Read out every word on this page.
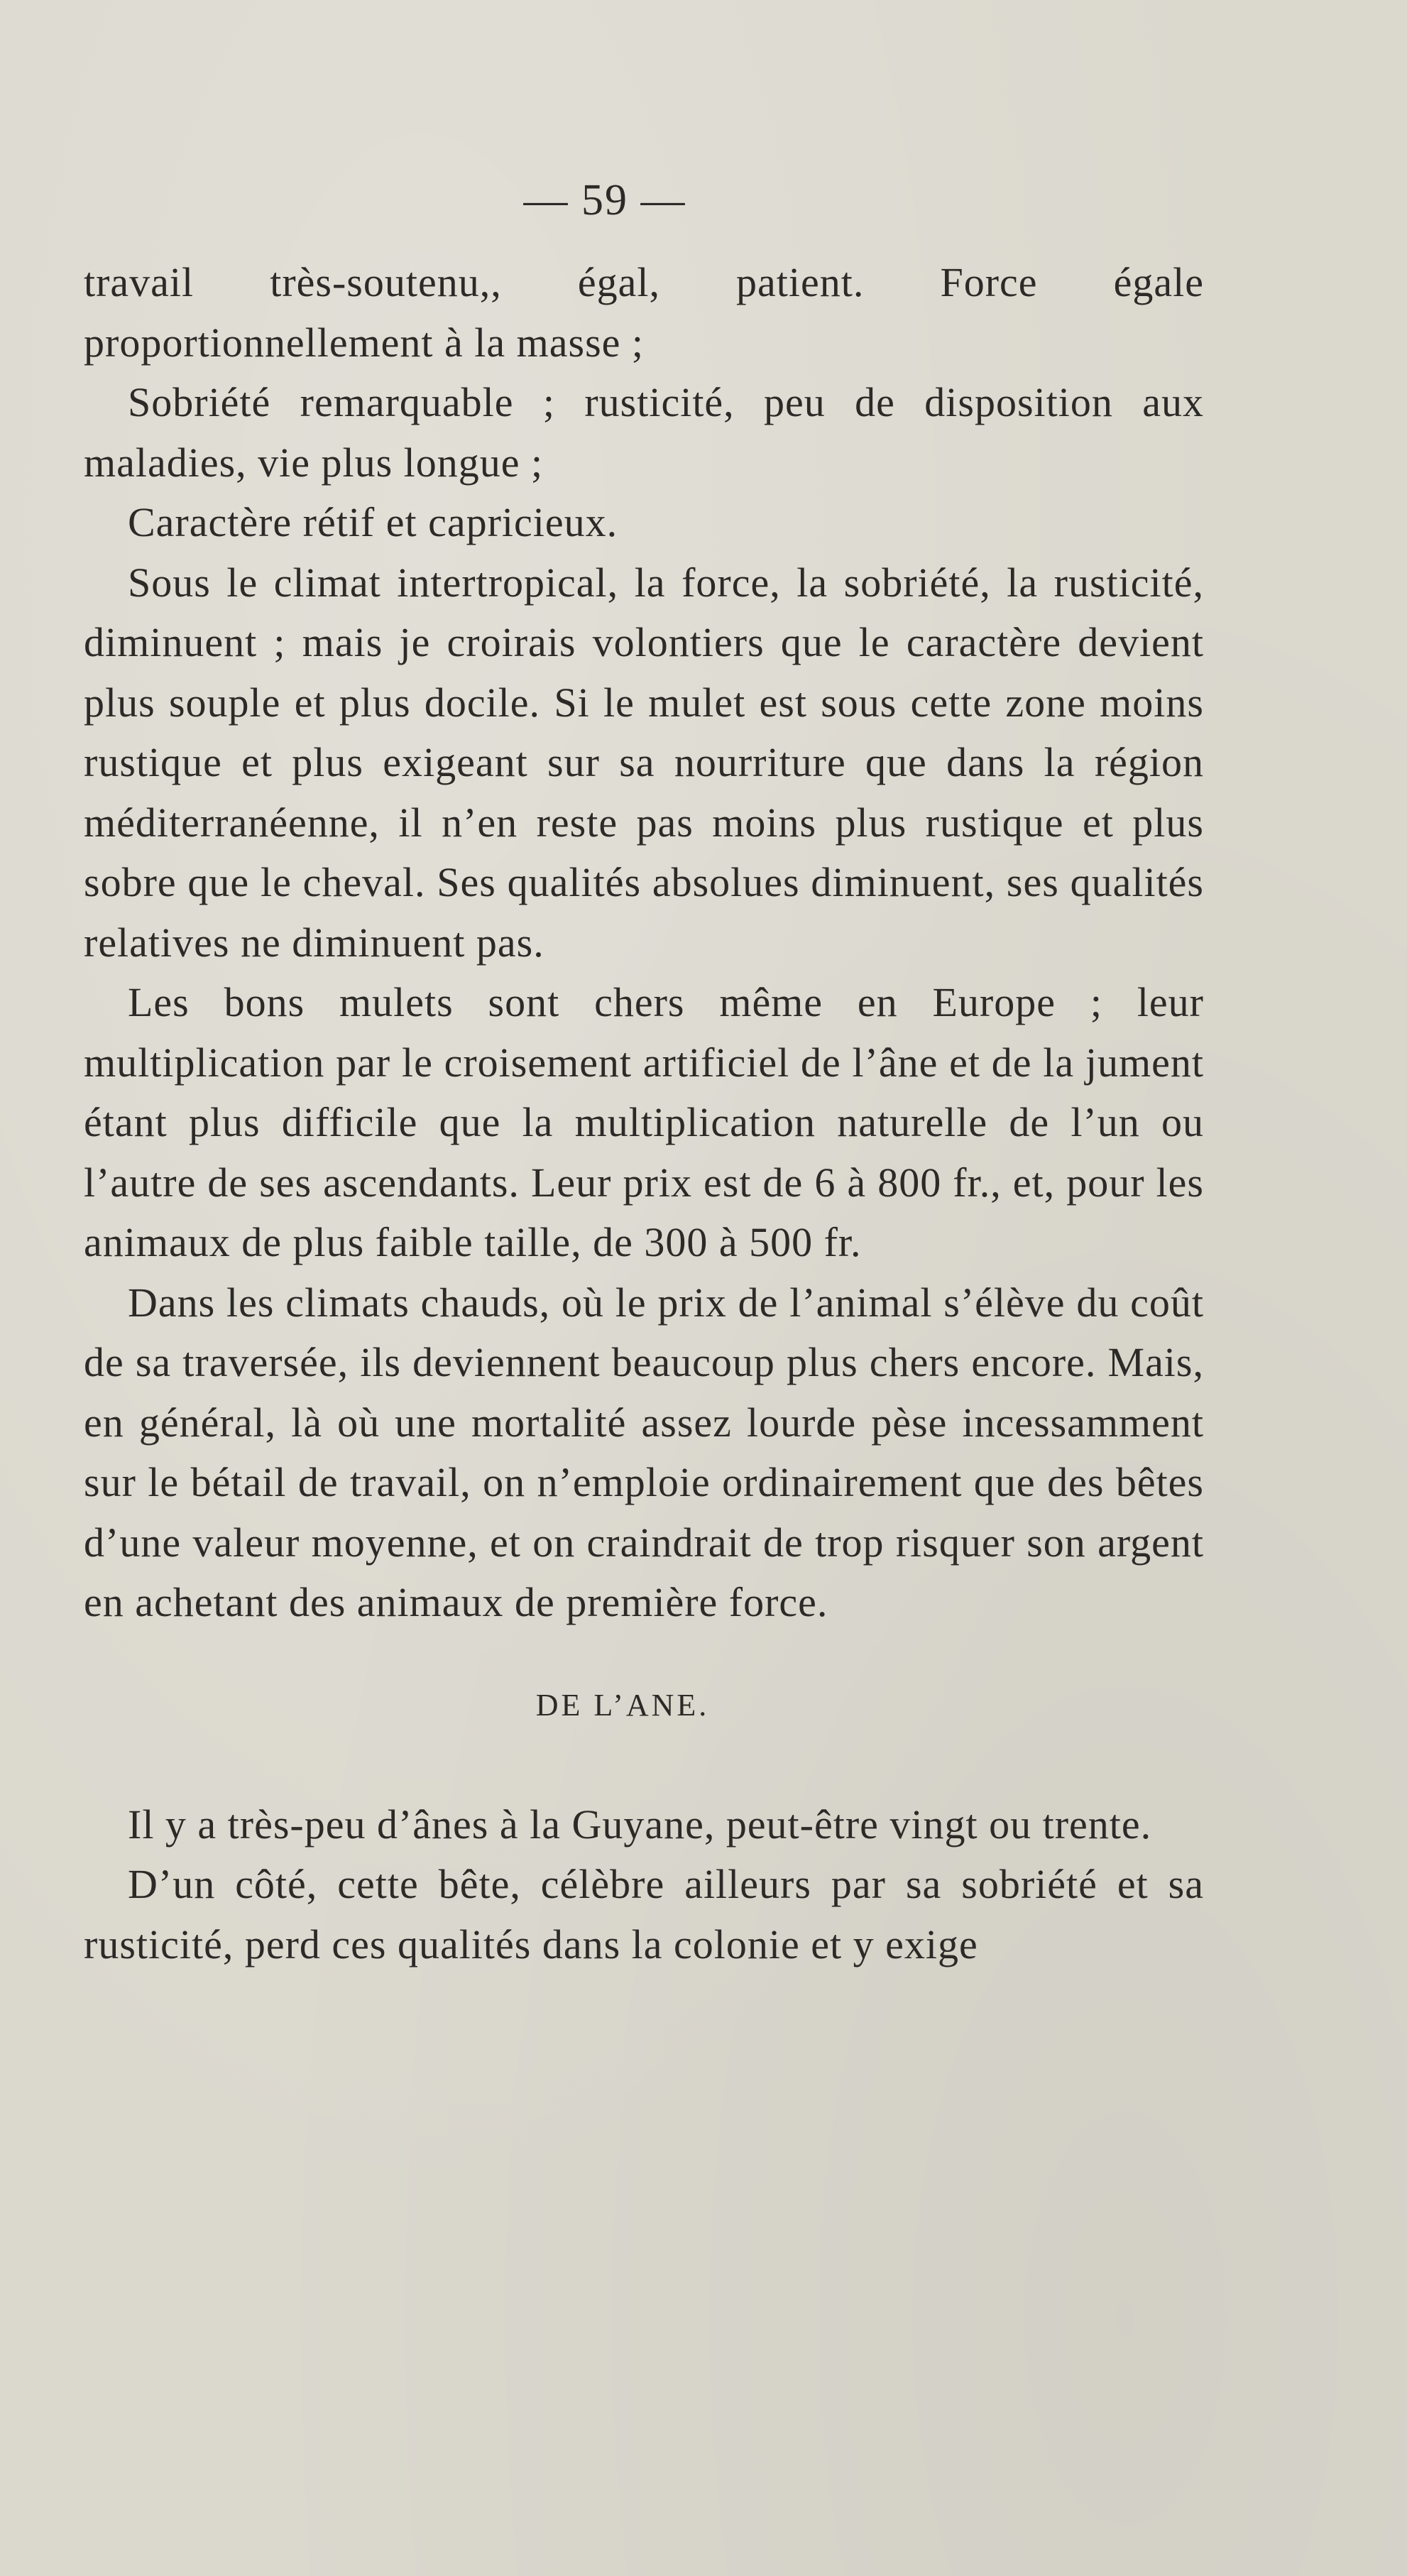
— 59 —

travail très-soutenu,, égal, patient. Force égale proportionnellement à la masse ;

Sobriété remarquable ; rusticité, peu de disposition aux maladies, vie plus longue ;

Caractère rétif et capricieux.

Sous le climat intertropical, la force, la sobriété, la rusticité, diminuent ; mais je croirais volontiers que le caractère devient plus souple et plus docile. Si le mulet est sous cette zone moins rustique et plus exigeant sur sa nourriture que dans la région méditerranéenne, il n’en reste pas moins plus rustique et plus sobre que le cheval. Ses qualités absolues diminuent, ses qualités relatives ne diminuent pas.

Les bons mulets sont chers même en Europe ; leur multiplication par le croisement artificiel de l’âne et de la jument étant plus difficile que la multiplication naturelle de l’un ou l’autre de ses ascendants. Leur prix est de 6 à 800 fr., et, pour les animaux de plus faible taille, de 300 à 500 fr.

Dans les climats chauds, où le prix de l’animal s’élève du coût de sa traversée, ils deviennent beaucoup plus chers encore. Mais, en général, là où une mortalité assez lourde pèse incessamment sur le bétail de travail, on n’emploie ordinairement que des bêtes d’une valeur moyenne, et on craindrait de trop risquer son argent en achetant des animaux de première force.

DE L’ANE.

Il y a très-peu d’ânes à la Guyane, peut-être vingt ou trente.

D’un côté, cette bête, célèbre ailleurs par sa sobriété et sa rusticité, perd ces qualités dans la colonie et y exige
